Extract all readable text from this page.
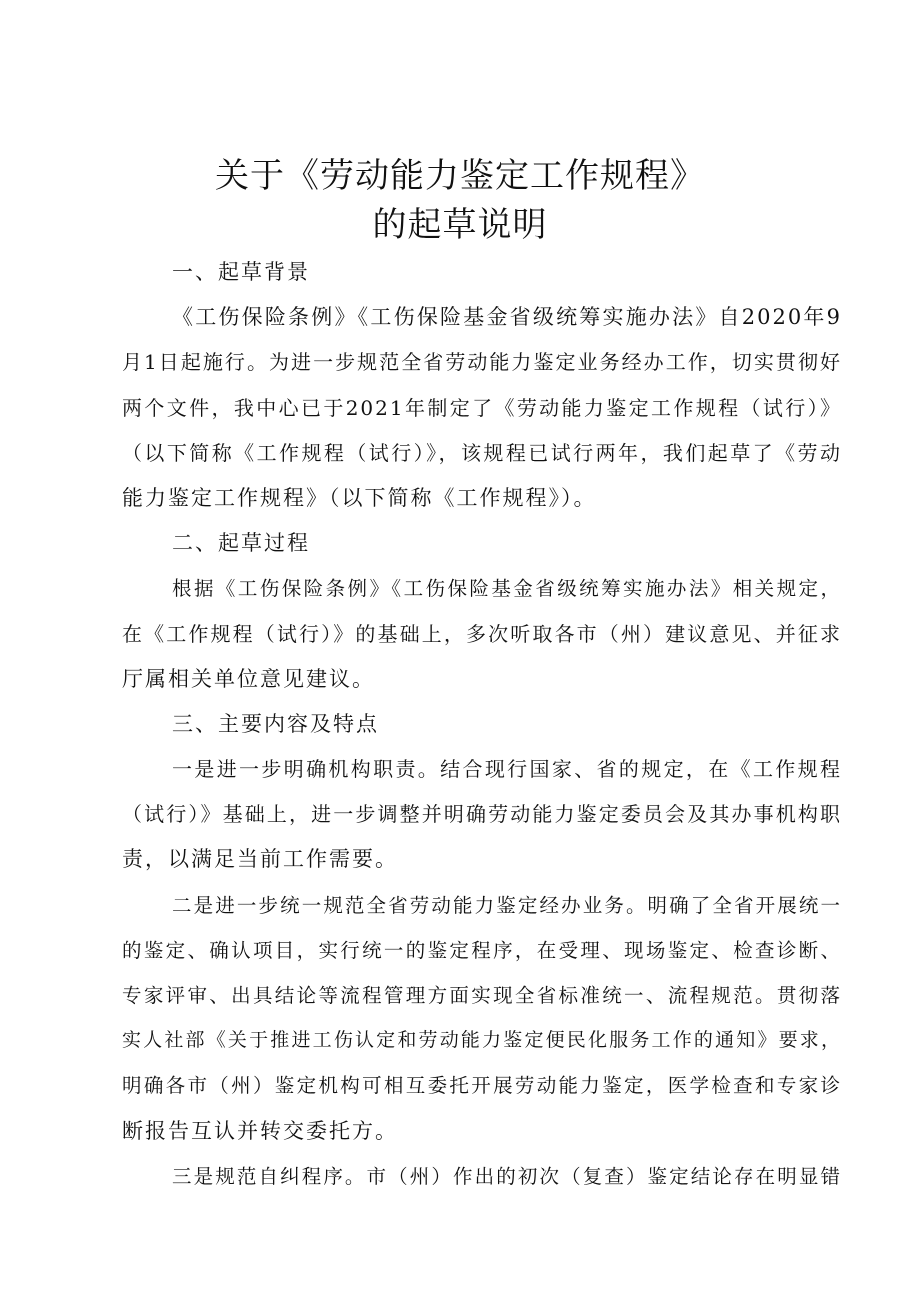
关于《劳动能力鉴定工作规程》
的起草说明
一、起草背景
《工伤保险条例》《工伤保险基金省级统筹实施办法》自2020年9
月1日起施行。为进一步规范全省劳动能力鉴定业务经办工作，切实贯彻好
两个文件，我中心已于2021年制定了《劳动能力鉴定工作规程（试行）》
（以下简称《工作规程（试行）》，该规程已试行两年，我们起草了《劳动
能力鉴定工作规程》（以下简称《工作规程》）。
二、起草过程
根据《工伤保险条例》《工伤保险基金省级统筹实施办法》相关规定，
在《工作规程（试行）》的基础上，多次听取各市（州）建议意见、并征求
厅属相关单位意见建议。
三、主要内容及特点
一是进一步明确机构职责。结合现行国家、省的规定，在《工作规程
（试行）》基础上，进一步调整并明确劳动能力鉴定委员会及其办事机构职
责，以满足当前工作需要。
二是进一步统一规范全省劳动能力鉴定经办业务。明确了全省开展统一
的鉴定、确认项目，实行统一的鉴定程序，在受理、现场鉴定、检查诊断、
专家评审、出具结论等流程管理方面实现全省标准统一、流程规范。贯彻落
实人社部《关于推进工伤认定和劳动能力鉴定便民化服务工作的通知》要求，
明确各市（州）鉴定机构可相互委托开展劳动能力鉴定，医学检查和专家诊
断报告互认并转交委托方。
三是规范自纠程序。市（州）作出的初次（复查）鉴定结论存在明显错
